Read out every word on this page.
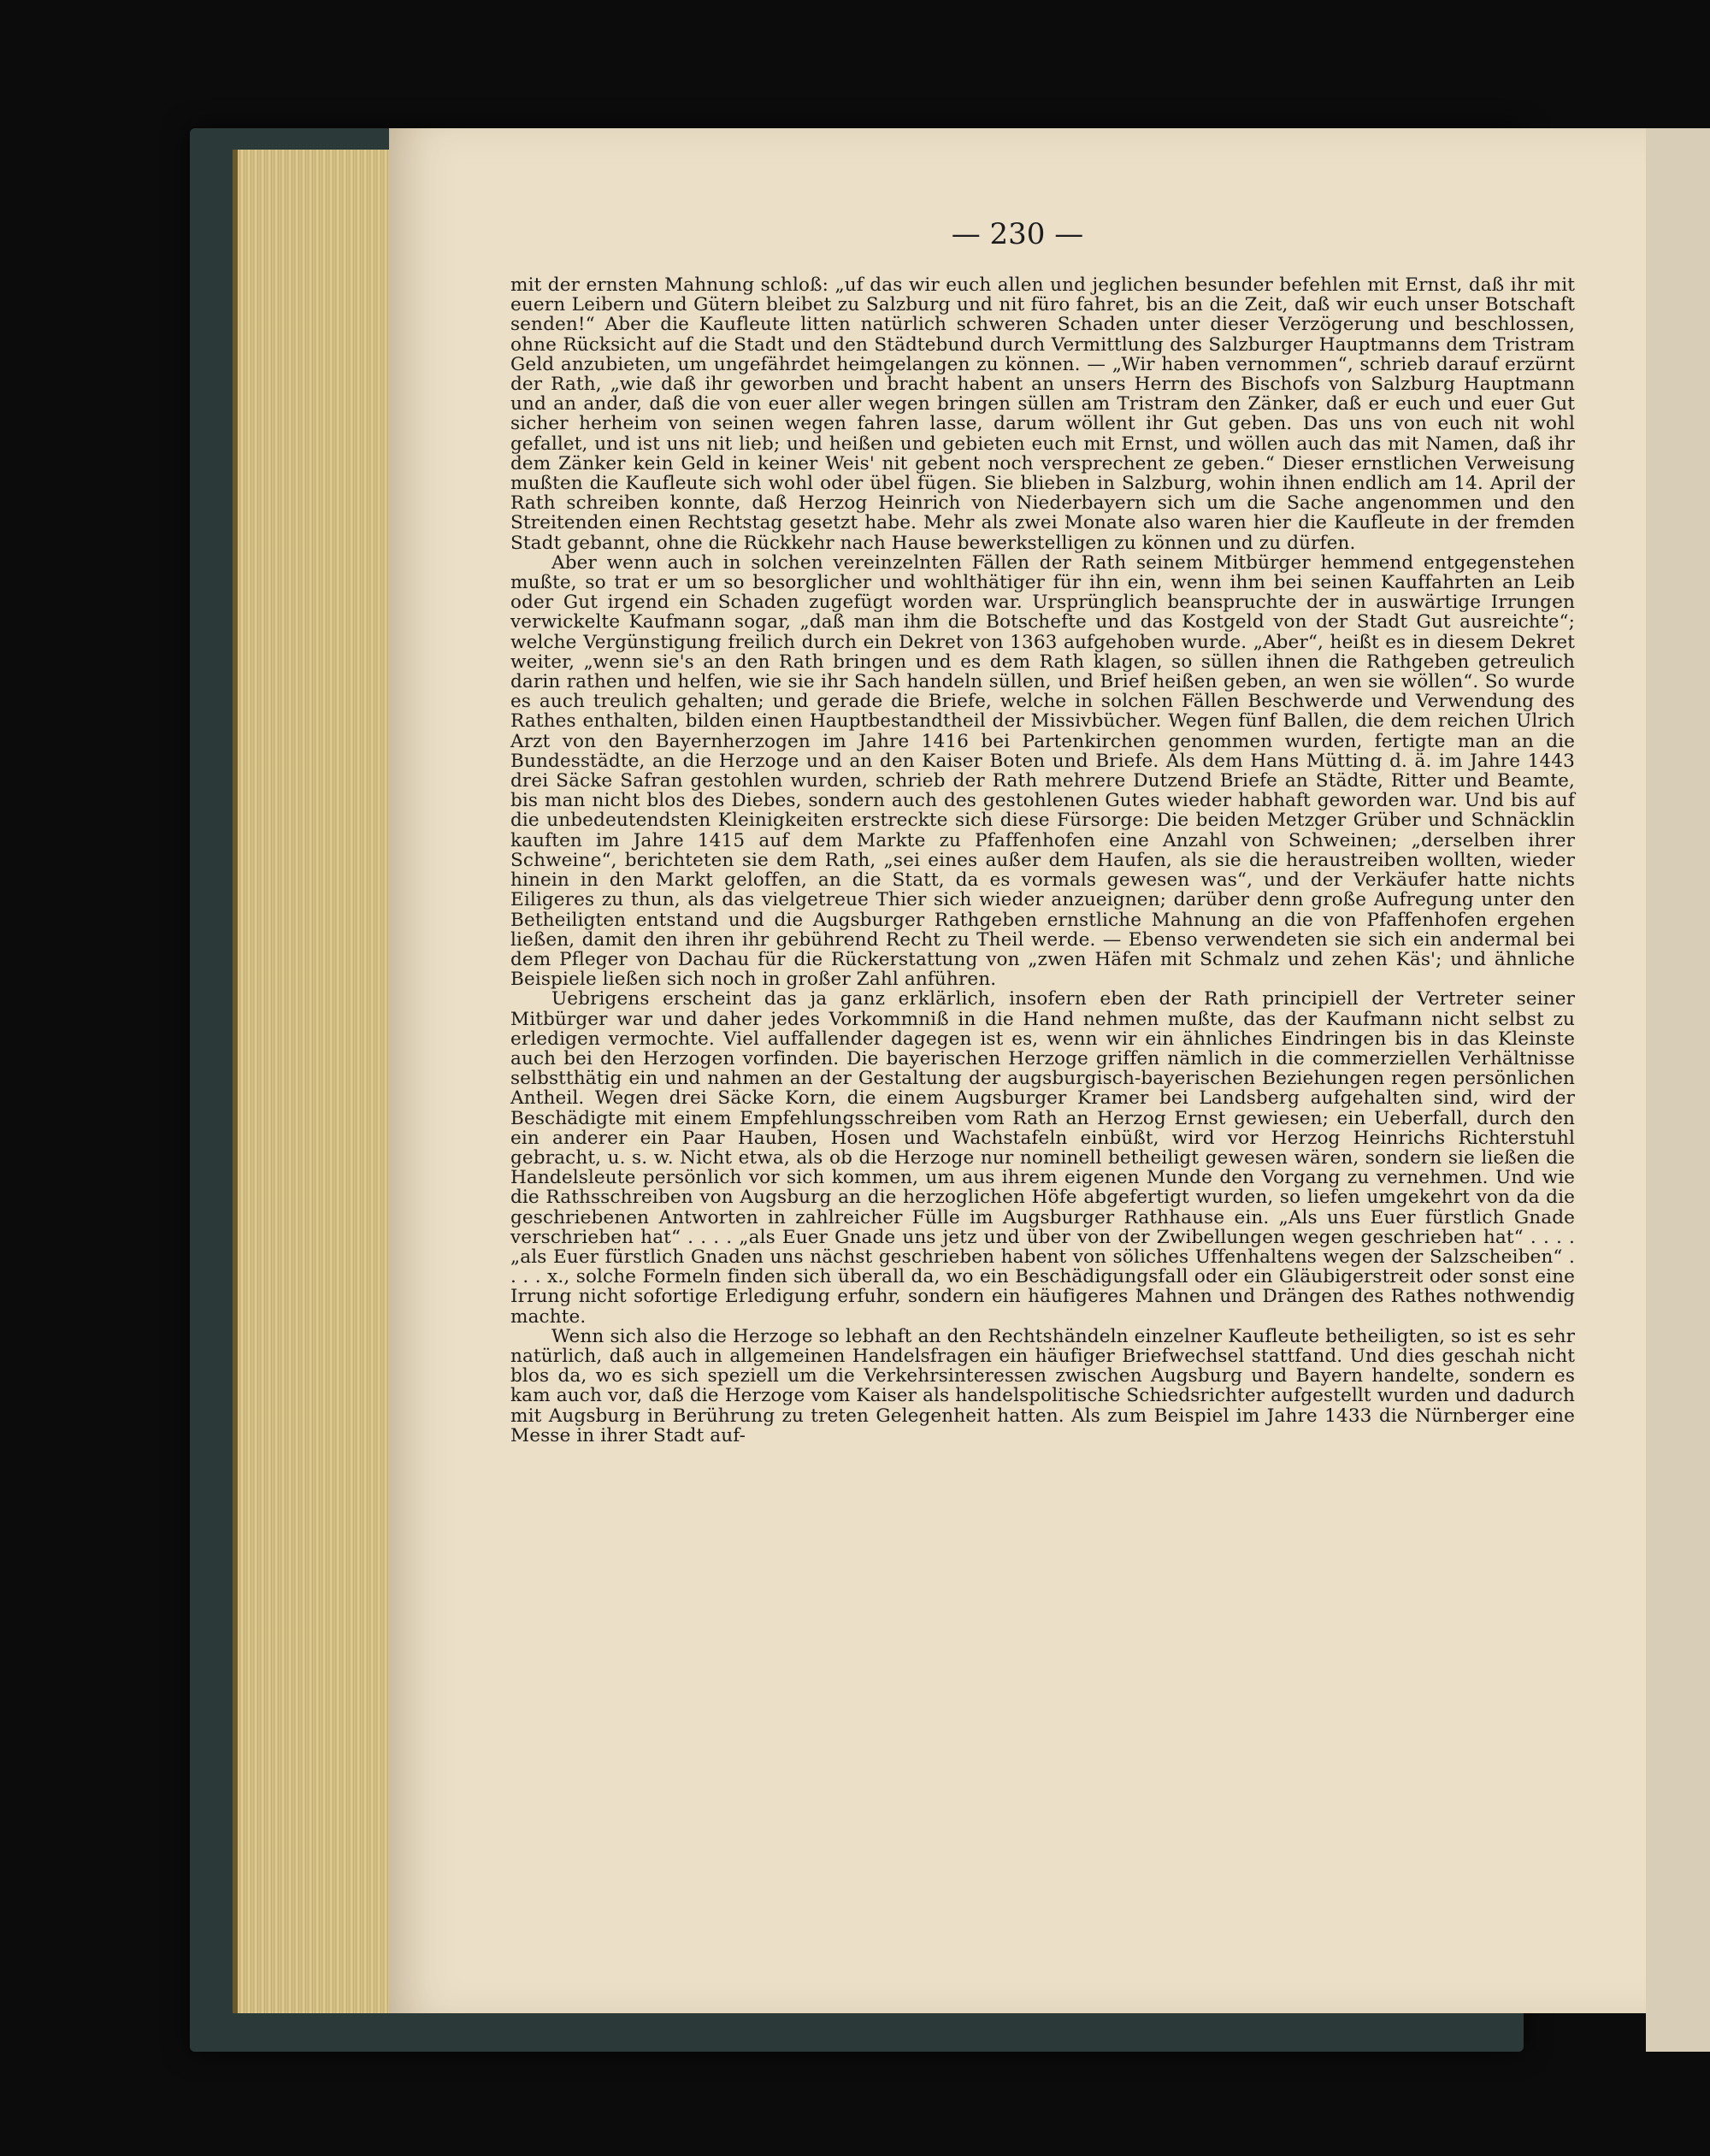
— 230 —

mit der ernsten Mahnung schloß: „uf das wir euch allen und jeglichen besunder befehlen mit Ernst, daß ihr mit euern Leibern und Gütern bleibet zu Salzburg und nit füro fahret, bis an die Zeit, daß wir euch unser Botschaft senden!“ Aber die Kaufleute litten natürlich schweren Schaden unter dieser Verzögerung und beschlossen, ohne Rücksicht auf die Stadt und den Städtebund durch Vermittlung des Salzburger Hauptmanns dem Tristram Geld anzubieten, um ungefährdet heimgelangen zu können. — „Wir haben vernommen“, schrieb darauf erzürnt der Rath, „wie daß ihr geworben und bracht habent an unsers Herrn des Bischofs von Salzburg Hauptmann und an ander, daß die von euer aller wegen bringen süllen am Tristram den Zänker, daß er euch und euer Gut sicher herheim von seinen wegen fahren lasse, darum wöllent ihr Gut geben. Das uns von euch nit wohl gefallet, und ist uns nit lieb; und heißen und gebieten euch mit Ernst, und wöllen auch das mit Namen, daß ihr dem Zänker kein Geld in keiner Weis' nit gebent noch versprechent ze geben.“ Dieser ernstlichen Verweisung mußten die Kaufleute sich wohl oder übel fügen. Sie blieben in Salzburg, wohin ihnen endlich am 14. April der Rath schreiben konnte, daß Herzog Heinrich von Niederbayern sich um die Sache angenommen und den Streitenden einen Rechtstag gesetzt habe. Mehr als zwei Monate also waren hier die Kaufleute in der fremden Stadt gebannt, ohne die Rückkehr nach Hause bewerkstelligen zu können und zu dürfen.

Aber wenn auch in solchen vereinzelnten Fällen der Rath seinem Mitbürger hemmend entgegenstehen mußte, so trat er um so besorglicher und wohlthätiger für ihn ein, wenn ihm bei seinen Kauffahrten an Leib oder Gut irgend ein Schaden zugefügt worden war. Ursprünglich beanspruchte der in auswärtige Irrungen verwickelte Kaufmann sogar, „daß man ihm die Botschefte und das Kostgeld von der Stadt Gut ausreichte“; welche Vergünstigung freilich durch ein Dekret von 1363 aufgehoben wurde. „Aber“, heißt es in diesem Dekret weiter, „wenn sie's an den Rath bringen und es dem Rath klagen, so süllen ihnen die Rathgeben getreulich darin rathen und helfen, wie sie ihr Sach handeln süllen, und Brief heißen geben, an wen sie wöllen“. So wurde es auch treulich gehalten; und gerade die Briefe, welche in solchen Fällen Beschwerde und Verwendung des Rathes enthalten, bilden einen Hauptbestandtheil der Missivbücher. Wegen fünf Ballen, die dem reichen Ulrich Arzt von den Bayernherzogen im Jahre 1416 bei Partenkirchen genommen wurden, fertigte man an die Bundesstädte, an die Herzoge und an den Kaiser Boten und Briefe. Als dem Hans Mütting d. ä. im Jahre 1443 drei Säcke Safran gestohlen wurden, schrieb der Rath mehrere Dutzend Briefe an Städte, Ritter und Beamte, bis man nicht blos des Diebes, sondern auch des gestohlenen Gutes wieder habhaft geworden war. Und bis auf die unbedeutendsten Kleinigkeiten erstreckte sich diese Fürsorge: Die beiden Metzger Grüber und Schnäcklin kauften im Jahre 1415 auf dem Markte zu Pfaffenhofen eine Anzahl von Schweinen; „derselben ihrer Schweine“, berichteten sie dem Rath, „sei eines außer dem Haufen, als sie die heraustreiben wollten, wieder hinein in den Markt geloffen, an die Statt, da es vormals gewesen was“, und der Verkäufer hatte nichts Eiligeres zu thun, als das vielgetreue Thier sich wieder anzueignen; darüber denn große Aufregung unter den Betheiligten entstand und die Augsburger Rathgeben ernstliche Mahnung an die von Pfaffenhofen ergehen ließen, damit den ihren ihr gebührend Recht zu Theil werde. — Ebenso verwendeten sie sich ein andermal bei dem Pfleger von Dachau für die Rückerstattung von „zwen Häfen mit Schmalz und zehen Käs'; und ähnliche Beispiele ließen sich noch in großer Zahl anführen.

Uebrigens erscheint das ja ganz erklärlich, insofern eben der Rath principiell der Vertreter seiner Mitbürger war und daher jedes Vorkommniß in die Hand nehmen mußte, das der Kaufmann nicht selbst zu erledigen vermochte. Viel auffallender dagegen ist es, wenn wir ein ähnliches Eindringen bis in das Kleinste auch bei den Herzogen vorfinden. Die bayerischen Herzoge griffen nämlich in die commerziellen Verhältnisse selbstthätig ein und nahmen an der Gestaltung der augsburgisch-bayerischen Beziehungen regen persönlichen Antheil. Wegen drei Säcke Korn, die einem Augsburger Kramer bei Landsberg aufgehalten sind, wird der Beschädigte mit einem Empfehlungsschreiben vom Rath an Herzog Ernst gewiesen; ein Ueberfall, durch den ein anderer ein Paar Hauben, Hosen und Wachstafeln einbüßt, wird vor Herzog Heinrichs Richterstuhl gebracht, u. s. w. Nicht etwa, als ob die Herzoge nur nominell betheiligt gewesen wären, sondern sie ließen die Handelsleute persönlich vor sich kommen, um aus ihrem eigenen Munde den Vorgang zu vernehmen. Und wie die Rathsschreiben von Augsburg an die herzoglichen Höfe abgefertigt wurden, so liefen umgekehrt von da die geschriebenen Antworten in zahlreicher Fülle im Augsburger Rathhause ein. „Als uns Euer fürstlich Gnade verschrieben hat“ . . . . „als Euer Gnade uns jetz und über von der Zwibellungen wegen geschrieben hat“ . . . . „als Euer fürstlich Gnaden uns nächst geschrieben habent von söliches Uffenhaltens wegen der Salzscheiben“ . . . . x., solche Formeln finden sich überall da, wo ein Beschädigungsfall oder ein Gläubigerstreit oder sonst eine Irrung nicht sofortige Erledigung erfuhr, sondern ein häufigeres Mahnen und Drängen des Rathes nothwendig machte.

Wenn sich also die Herzoge so lebhaft an den Rechtshändeln einzelner Kaufleute betheiligten, so ist es sehr natürlich, daß auch in allgemeinen Handelsfragen ein häufiger Briefwechsel stattfand. Und dies geschah nicht blos da, wo es sich speziell um die Verkehrsinteressen zwischen Augsburg und Bayern handelte, sondern es kam auch vor, daß die Herzoge vom Kaiser als handelspolitische Schiedsrichter aufgestellt wurden und dadurch mit Augsburg in Berührung zu treten Gelegenheit hatten. Als zum Beispiel im Jahre 1433 die Nürnberger eine Messe in ihrer Stadt auf-
